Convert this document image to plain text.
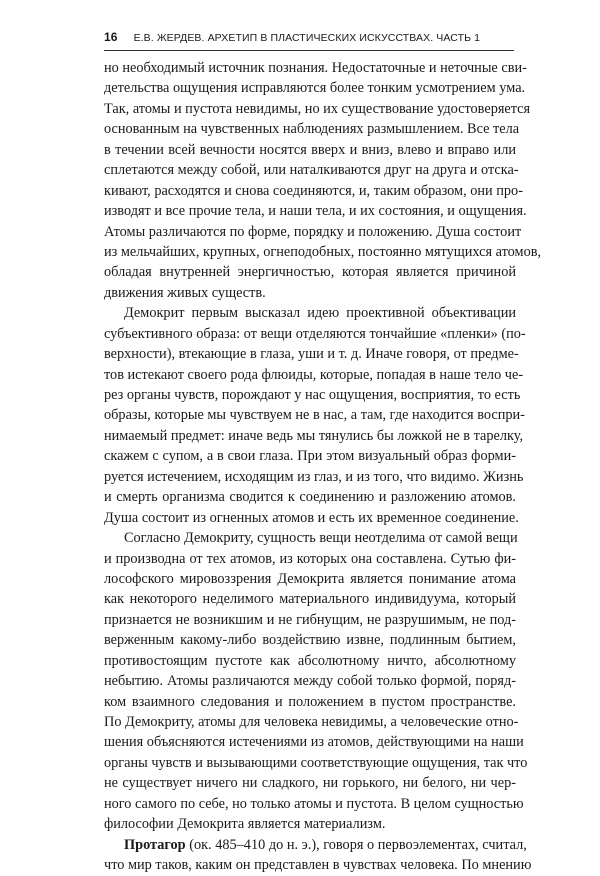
16 Е.В. ЖЕРДЕВ. АРХЕТИП В ПЛАСТИЧЕСКИХ ИСКУССТВАХ. ЧАСТЬ 1
но необходимый источник познания. Недостаточные и неточные сви-
детельства ощущения исправляются более тонким усмотрением ума.
Так, атомы и пустота невидимы, но их существование удостоверяется
основанным на чувственных наблюдениях размышлением. Все тела
в течении всей вечности носятся вверх и вниз, влево и вправо или
сплетаются между собой, или наталкиваются друг на друга и отска-
кивают, расходятся и снова соединяются, и, таким образом, они про-
изводят и все прочие тела, и наши тела, и их состояния, и ощущения.
Атомы различаются по форме, порядку и положению. Душа состоит
из мельчайших, крупных, огнеподобных, постоянно мятущихся атомов,
обладая внутренней энергичностью, которая является причиной
движения живых существ.
Демокрит первым высказал идею проективной объективации
субъективного образа: от вещи отделяются тончайшие «пленки» (по-
верхности), втекающие в глаза, уши и т. д. Иначе говоря, от предме-
тов истекают своего рода флюиды, которые, попадая в наше тело че-
рез органы чувств, порождают у нас ощущения, восприятия, то есть
образы, которые мы чувствуем не в нас, а там, где находится воспри-
нимаемый предмет: иначе ведь мы тянулись бы ложкой не в тарелку,
скажем с супом, а в свои глаза. При этом визуальный образ форми-
руется истечением, исходящим из глаз, и из того, что видимо. Жизнь
и смерть организма сводится к соединению и разложению атомов.
Душа состоит из огненных атомов и есть их временное соединение.
Согласно Демокриту, сущность вещи неотделима от самой вещи
и производна от тех атомов, из которых она составлена. Сутью фи-
лософского мировоззрения Демокрита является понимание атома
как некоторого неделимого материального индивидуума, который
признается не возникшим и не гибнущим, не разрушимым, не под-
верженным какому-либо воздействию извне, подлинным бытием,
противостоящим пустоте как абсолютному ничто, абсолютному
небытию. Атомы различаются между собой только формой, поряд-
ком взаимного следования и положением в пустом пространстве.
По Демокриту, атомы для человека невидимы, а человеческие отно-
шения объясняются истечениями из атомов, действующими на наши
органы чувств и вызывающими соответствующие ощущения, так что
не существует ничего ни сладкого, ни горького, ни белого, ни чер-
ного самого по себе, но только атомы и пустота. В целом сущностью
философии Демокрита является материализм.
Протагор (ок. 485–410 до н. э.), говоря о первоэлементах, считал,
что мир таков, каким он представлен в чувствах человека. По мнению
